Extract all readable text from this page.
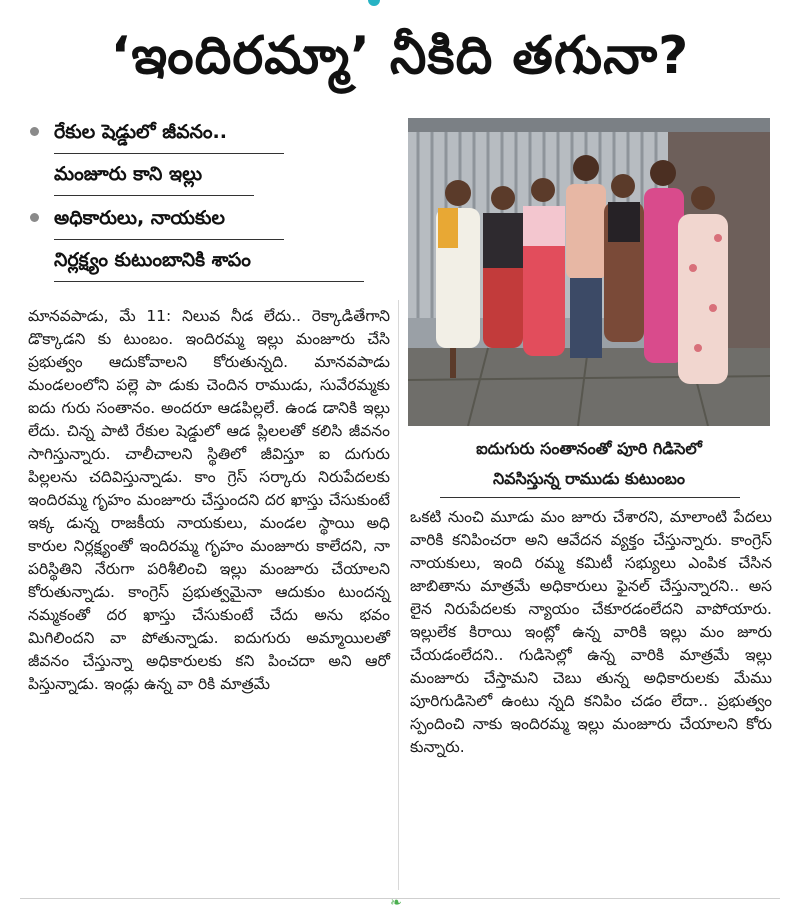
‘ఇందిరమ్మా’ నీకిది తగునా?
రేకుల షెడ్డులో జీవనం..
మంజూరు కాని ఇల్లు
అధికారులు, నాయకుల
నిర్లక్ష్యం కుటుంబానికి శాపం

మానవపాడు, మే 11: నిలువ నీడ లేదు.. రెక్కాడితేగాని డొక్కాడని కు టుంబం. ఇందిరమ్మ ఇల్లు మంజూరు చేసి ప్రభుత్వం ఆదుకోవాలని కోరుతున్నది. మానవపాడు మండలంలోని పల్లె పా డుకు చెందిన రాముడు, సువేరమ్మకు ఐదు గురు సంతానం. అందరూ ఆడపిల్లలే. ఉండ డానికి ఇల్లు లేదు. చిన్న పాటి రేకుల షెడ్డులో ఆడ ప్లిలలతో కలిసి జీవనం సాగిస్తున్నారు. చాలీచాలని స్థితిలో జీవిస్తూ ఐ దుగురు పిల్లలను చదివిస్తున్నాడు. కాం గ్రెస్ సర్కారు నిరుపేదలకు ఇందిరమ్మ గృహం మంజూరు చేస్తుందని దర ఖాస్తు చేసుకుంటే ఇక్క డున్న రాజకీయ నాయకులు, మండల స్థాయి అధి కారుల నిర్లక్ష్యంతో ఇందిరమ్మ గృహం మంజూరు కాలేదని, నా పరిస్థితిని నేరుగా పరిశీలించి ఇల్లు మంజూరు చేయాలని కోరుతున్నాడు. కాంగ్రెస్ ప్రభుత్వమైనా ఆదుకుం టుందన్న నమ్మకంతో దర ఖాస్తు చేసుకుంటే చేదు అను భవం మిగిలిందని వా పోతున్నాడు. ఐదుగురు అమ్మాయిలతో జీవనం చేస్తున్నా అధికారులకు కని పించదా అని ఆరో పిస్తున్నాడు. ఇండ్లు ఉన్న వా రికి మాత్రమే

ఐదుగురు సంతానంతో పూరి గిడిసెలో
నివసిస్తున్న రాముడు కుటుంబం

ఒకటి నుంచి మూడు మం జూరు చేశారని, మాలాంటి పేదలు వారికి కనిపించరా అని ఆవేదన వ్యక్తం చేస్తున్నారు. కాంగ్రెస్ నాయకులు, ఇంది రమ్మ కమిటీ సభ్యులు ఎంపిక చేసిన జాబితాను మాత్రమే అధికారులు ఫైనల్ చేస్తున్నారని.. అస లైన నిరుపేదలకు న్యాయం చేకూరడంలేదని వాపోయారు. ఇల్లులేక కిరాయి ఇంట్లో ఉన్న వారికి ఇల్లు మం జూరు చేయడంలేదని.. గుడిసెల్లో ఉన్న వారికి మాత్రమే ఇల్లు మంజూరు చేస్తామని చెబు తున్న అధికారులకు మేము పూరిగుడిసెలో ఉంటు న్నది కనిపిం చడం లేదా.. ప్రభుత్వం స్పందించి నాకు ఇందిరమ్మ ఇల్లు మంజూరు చేయాలని కోరు కున్నారు.

❧
